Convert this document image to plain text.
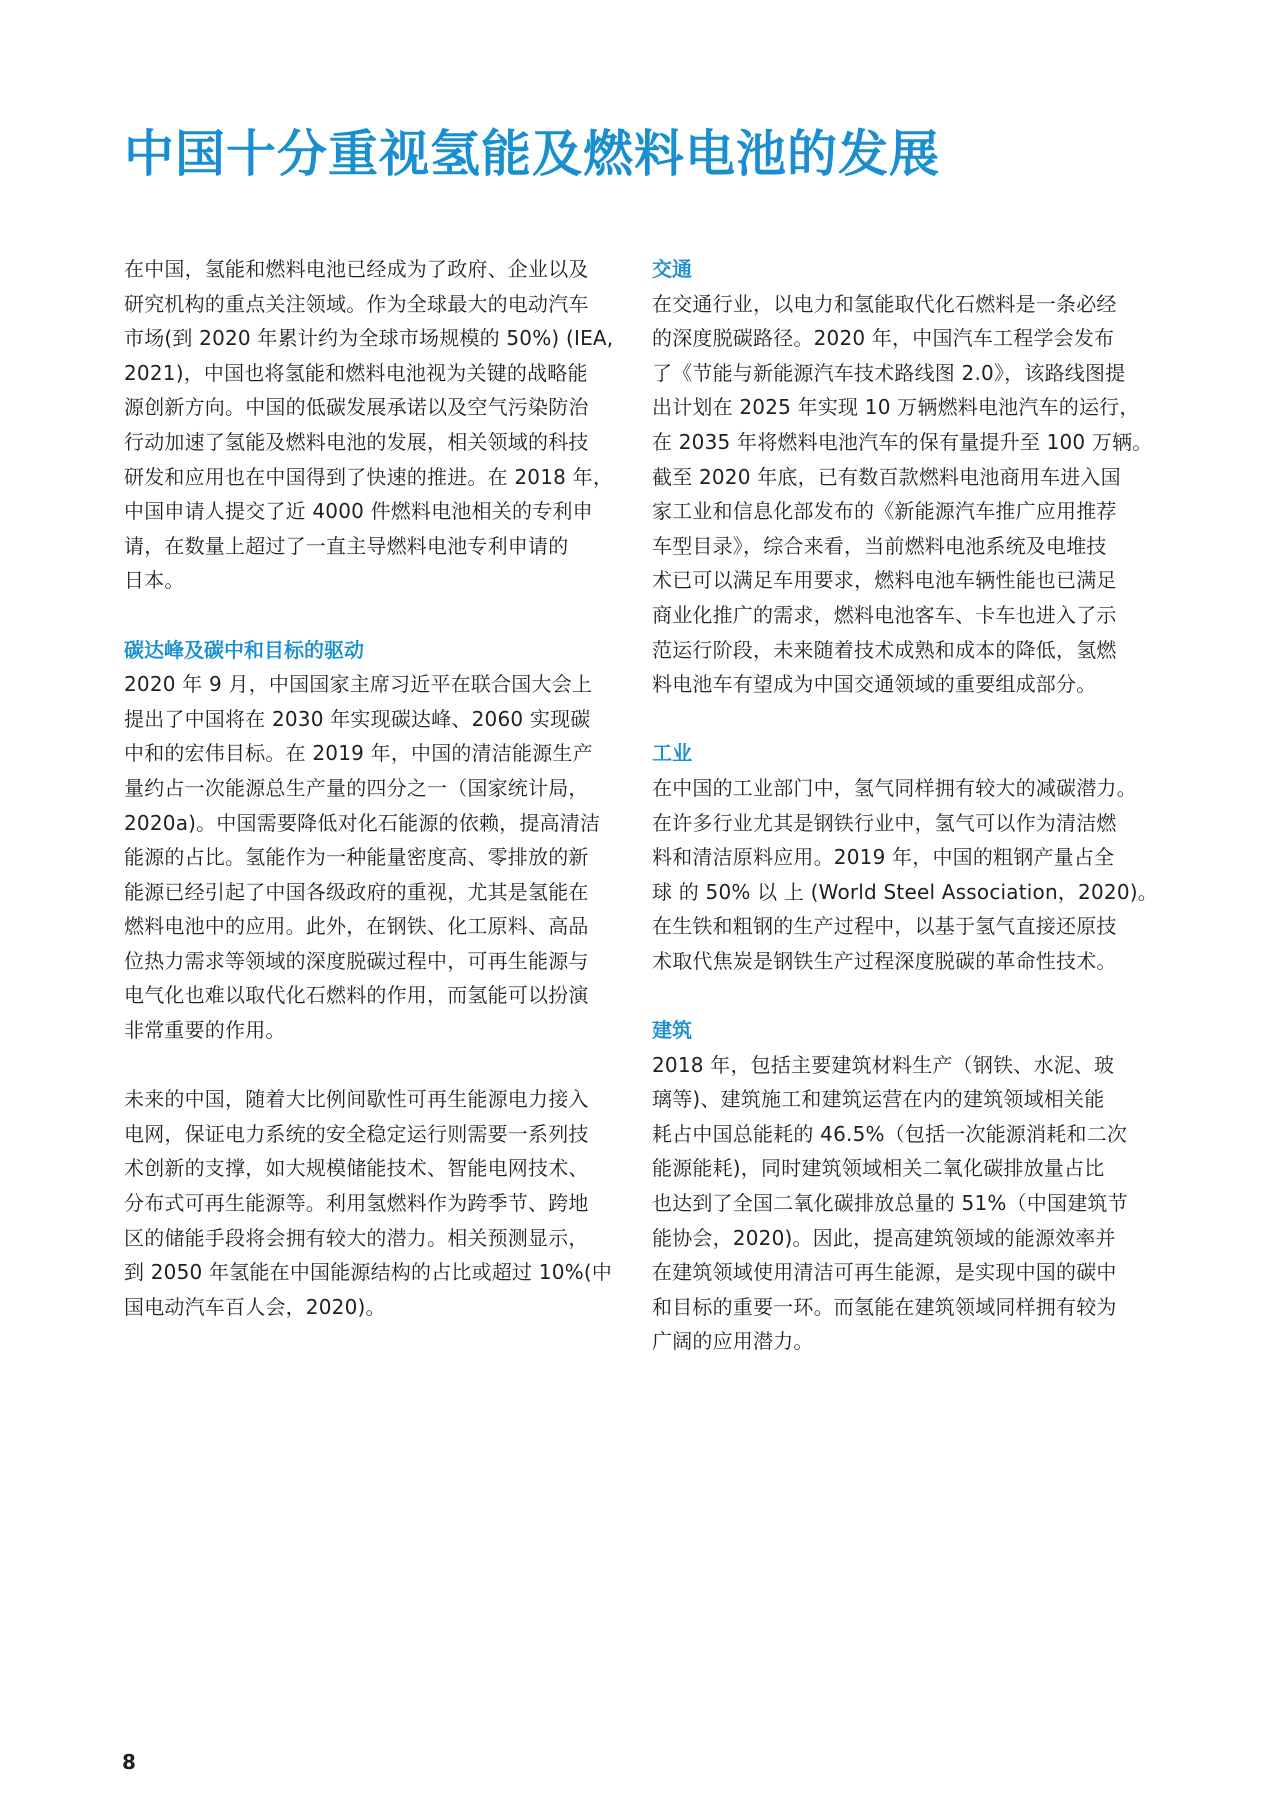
中国十分重视氢能及燃料电池的发展
在中国，氢能和燃料电池已经成为了政府、企业以及
研究机构的重点关注领域。作为全球最大的电动汽车
市场(到 2020 年累计约为全球市场规模的 50%) (IEA,
2021)，中国也将氢能和燃料电池视为关键的战略能
源创新方向。中国的低碳发展承诺以及空气污染防治
行动加速了氢能及燃料电池的发展，相关领域的科技
研发和应用也在中国得到了快速的推进。在 2018 年，
中国申请人提交了近 4000 件燃料电池相关的专利申
请，在数量上超过了一直主导燃料电池专利申请的
日本。
碳达峰及碳中和目标的驱动
2020 年 9 月，中国国家主席习近平在联合国大会上
提出了中国将在 2030 年实现碳达峰、2060 实现碳
中和的宏伟目标。在 2019 年，中国的清洁能源生产
量约占一次能源总生产量的四分之一（国家统计局，
2020a)。中国需要降低对化石能源的依赖，提高清洁
能源的占比。氢能作为一种能量密度高、零排放的新
能源已经引起了中国各级政府的重视，尤其是氢能在
燃料电池中的应用。此外，在钢铁、化工原料、高品
位热力需求等领域的深度脱碳过程中，可再生能源与
电气化也难以取代化石燃料的作用，而氢能可以扮演
非常重要的作用。
未来的中国，随着大比例间歇性可再生能源电力接入
电网，保证电力系统的安全稳定运行则需要一系列技
术创新的支撑，如大规模储能技术、智能电网技术、
分布式可再生能源等。利用氢燃料作为跨季节、跨地
区的储能手段将会拥有较大的潜力。相关预测显示，
到 2050 年氢能在中国能源结构的占比或超过 10%(中
国电动汽车百人会，2020)。
交通
在交通行业，以电力和氢能取代化石燃料是一条必经
的深度脱碳路径。2020 年，中国汽车工程学会发布
了《节能与新能源汽车技术路线图 2.0》，该路线图提
出计划在 2025 年实现 10 万辆燃料电池汽车的运行，
在 2035 年将燃料电池汽车的保有量提升至 100 万辆。
截至 2020 年底，已有数百款燃料电池商用车进入国
家工业和信息化部发布的《新能源汽车推广应用推荐
车型目录》，综合来看，当前燃料电池系统及电堆技
术已可以满足车用要求，燃料电池车辆性能也已满足
商业化推广的需求，燃料电池客车、卡车也进入了示
范运行阶段，未来随着技术成熟和成本的降低，氢燃
料电池车有望成为中国交通领域的重要组成部分。
工业
在中国的工业部门中，氢气同样拥有较大的减碳潜力。
在许多行业尤其是钢铁行业中，氢气可以作为清洁燃
料和清洁原料应用。2019 年，中国的粗钢产量占全
球 的 50% 以 上 (World Steel Association，2020)。
在生铁和粗钢的生产过程中，以基于氢气直接还原技
术取代焦炭是钢铁生产过程深度脱碳的革命性技术。
建筑
2018 年，包括主要建筑材料生产（钢铁、水泥、玻
璃等)、建筑施工和建筑运营在内的建筑领域相关能
耗占中国总能耗的 46.5%（包括一次能源消耗和二次
能源能耗)，同时建筑领域相关二氧化碳排放量占比
也达到了全国二氧化碳排放总量的 51%（中国建筑节
能协会，2020)。因此，提高建筑领域的能源效率并
在建筑领域使用清洁可再生能源，是实现中国的碳中
和目标的重要一环。而氢能在建筑领域同样拥有较为
广阔的应用潜力。
8
